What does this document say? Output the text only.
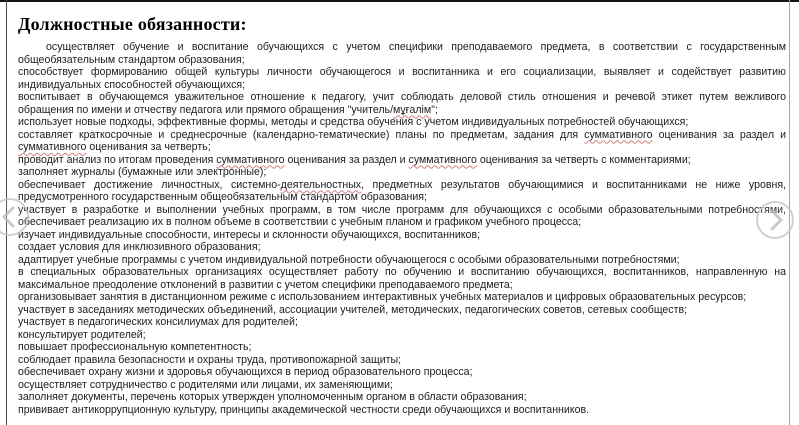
Должностные обязанности:

осуществляет обучение и воспитание обучающихся с учетом специфики преподаваемого предмета, в соответствии с государственным общеобязательным стандартом образования;

способствует формированию общей культуры личности обучающегося и воспитанника и его социализации, выявляет и содействует развитию индивидуальных способностей обучающихся;

воспитывает в обучающемся уважительное отношение к педагогу, учит соблюдать деловой стиль отношения и речевой этикет путем вежливого обращения по имени и отчеству педагога или прямого обращения "учитель/мұғалім";

использует новые подходы, эффективные формы, методы и средства обучения с учетом индивидуальных потребностей обучающихся;

составляет краткосрочные и среднесрочные (календарно-тематические) планы по предметам, задания для суммативного оценивания за раздел и суммативного оценивания за четверть;

проводит анализ по итогам проведения суммативного оценивания за раздел и суммативного оценивания за четверть с комментариями;

заполняет журналы (бумажные или электронные);

обеспечивает достижение личностных, системно-деятельностных, предметных результатов обучающимися и воспитанниками не ниже уровня, предусмотренного государственным общеобязательным стандартом образования;

участвует в разработке и выполнении учебных программ, в том числе программ для обучающихся с особыми образовательными потребностями, обеспечивает реализацию их в полном объеме в соответствии с учебным планом и графиком учебного процесса;

изучает индивидуальные способности, интересы и склонности обучающихся, воспитанников;

создает условия для инклюзивного образования;

адаптирует учебные программы с учетом индивидуальной потребности обучающегося с особыми образовательными потребностями;

в специальных образовательных организациях осуществляет работу по обучению и воспитанию обучающихся, воспитанников, направленную на максимальное преодоление отклонений в развитии с учетом специфики преподаваемого предмета;

организовывает занятия в дистанционном режиме с использованием интерактивных учебных материалов и цифровых образовательных ресурсов;

участвует в заседаниях методических объединений, ассоциации учителей, методических, педагогических советов, сетевых сообществ;

участвует в педагогических консилиумах для родителей;

консультирует родителей;

повышает профессиональную компетентность;

соблюдает правила безопасности и охраны труда, противопожарной защиты;

обеспечивает охрану жизни и здоровья обучающихся в период образовательного процесса;

осуществляет сотрудничество с родителями или лицами, их заменяющими;

заполняет документы, перечень которых утвержден уполномоченным органом в области образования;

прививает антикоррупционную культуру, принципы академической честности среди обучающихся и воспитанников.
